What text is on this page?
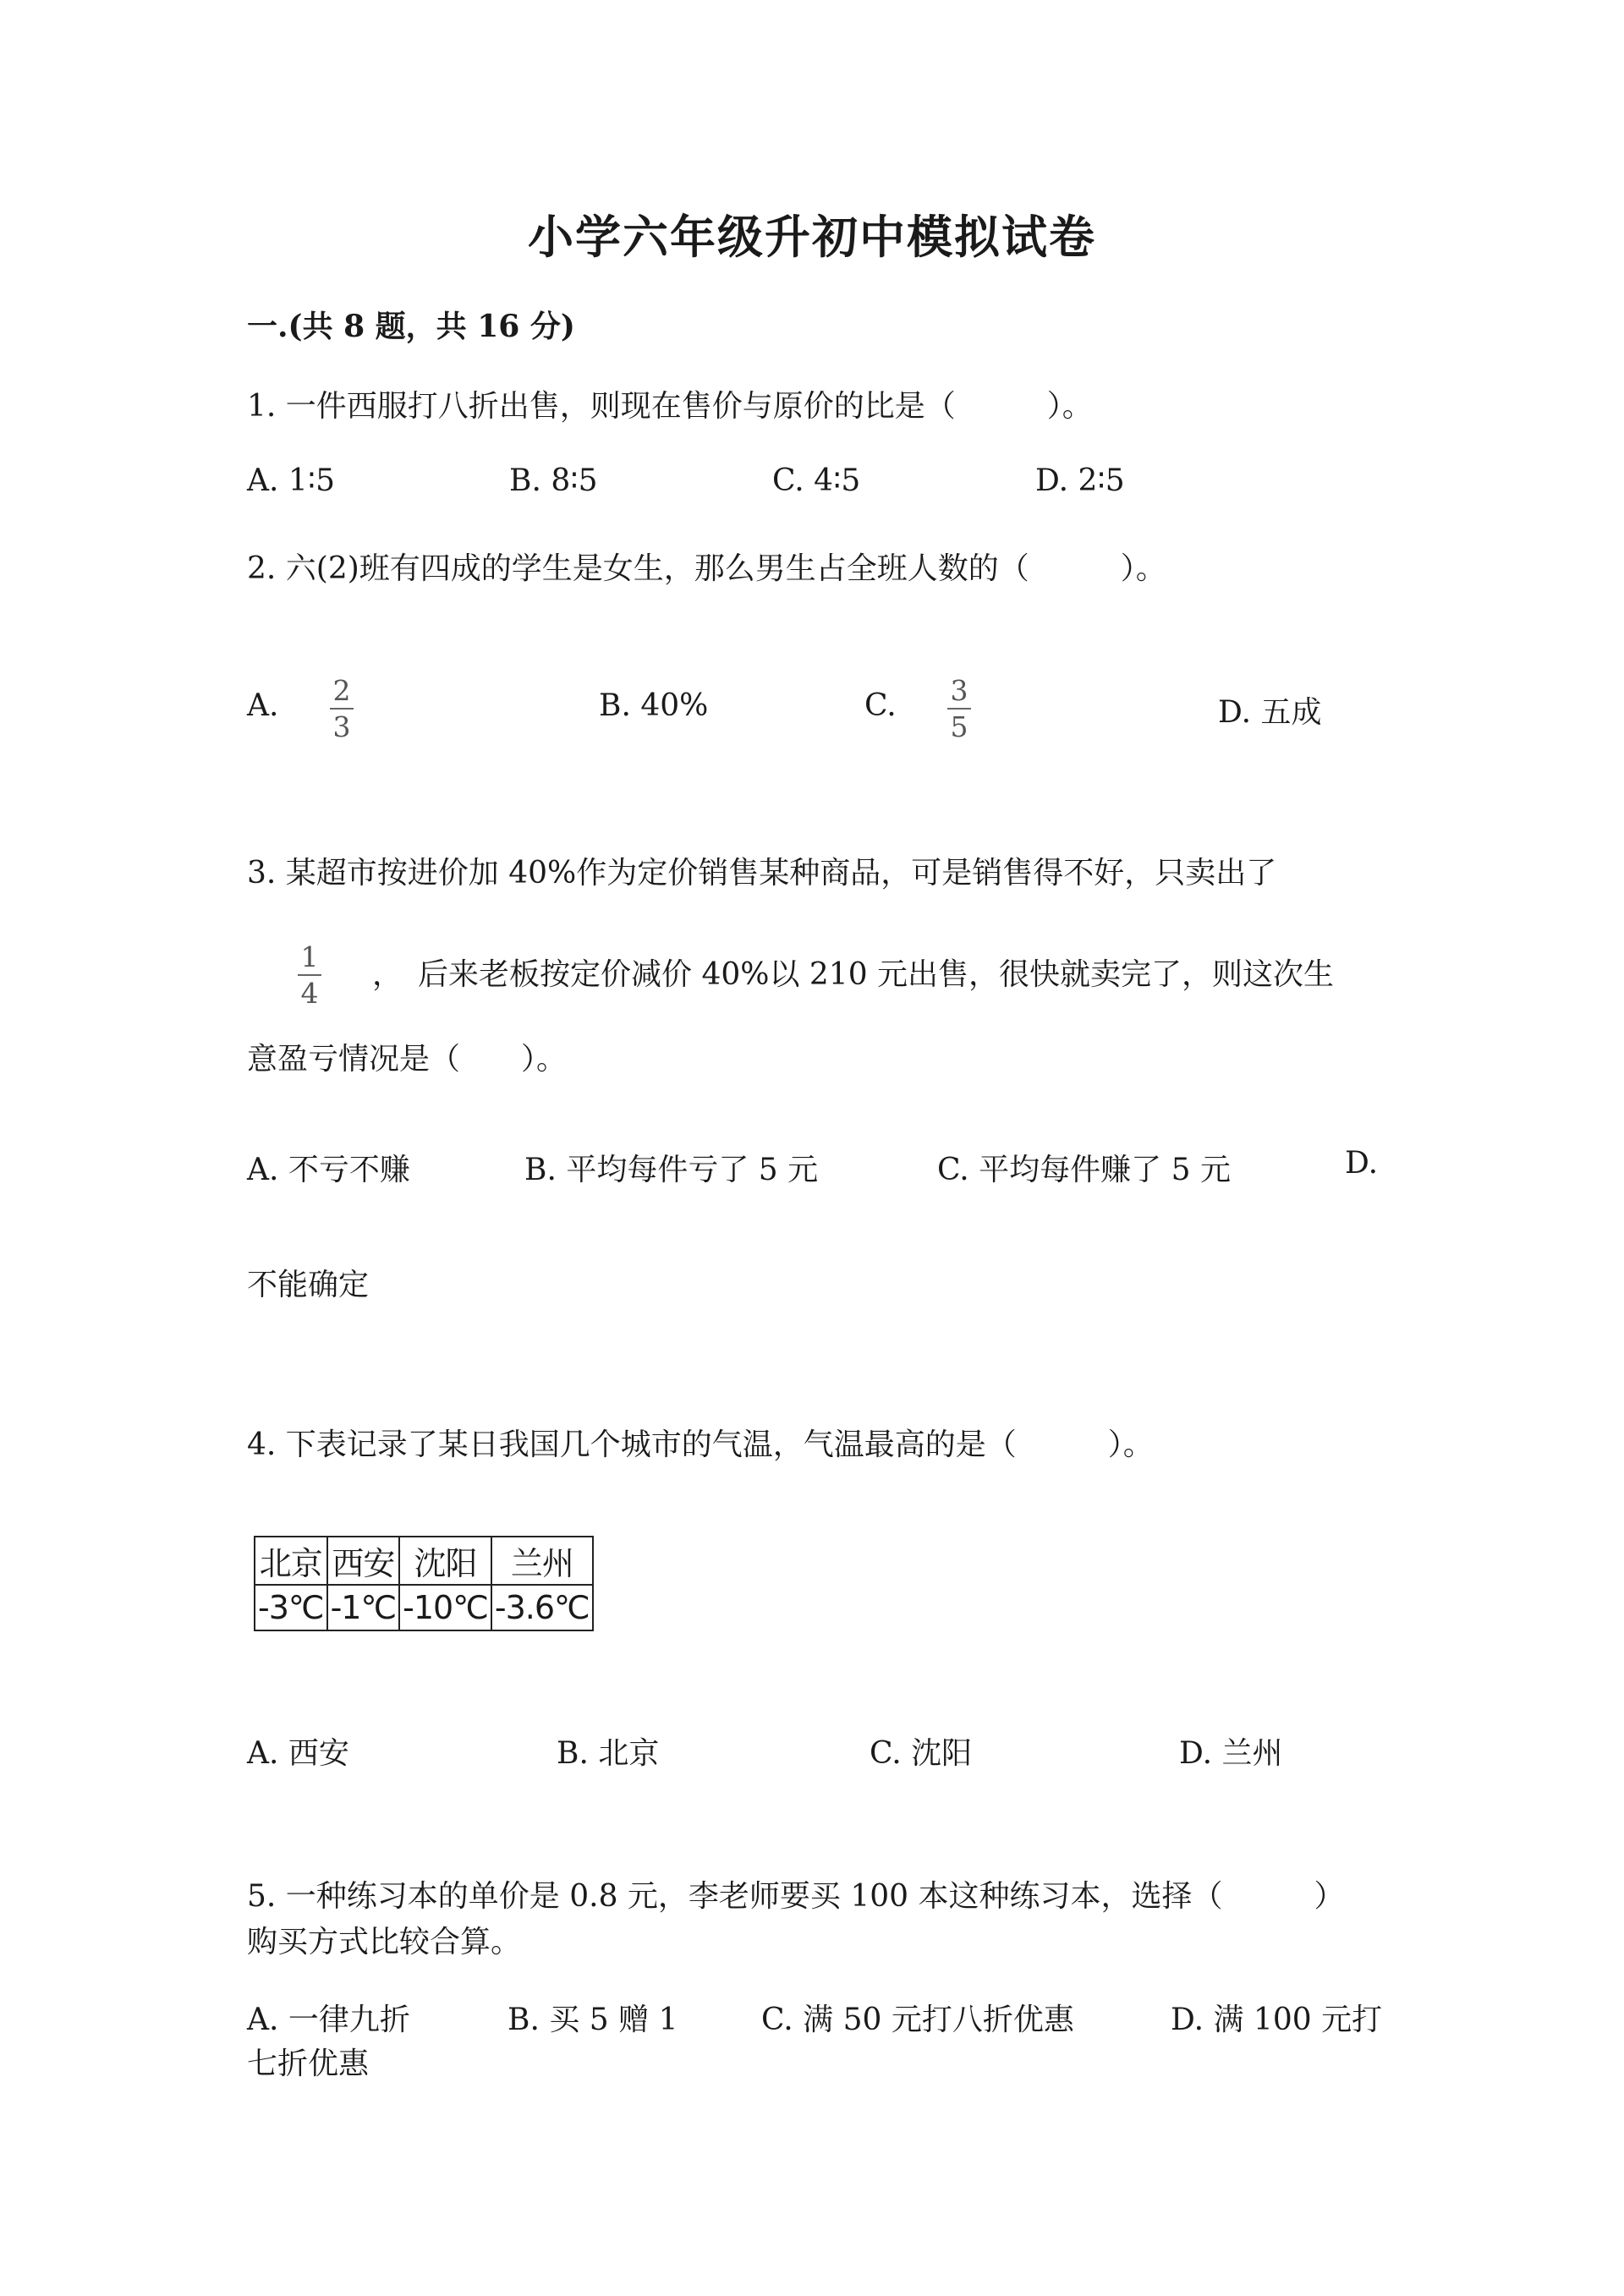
小学六年级升初中模拟试卷
一.(共 8 题，共 16 分)
1. 一件西服打八折出售，则现在售价与原价的比是（　　　）。
A. 1∶5	B. 8∶5	C. 4∶5	D. 2∶5
2. 六(2)班有四成的学生是女生，那么男生占全班人数的（　　　）。
A. 2
3
B. 40%	C. 3
5	D. 五成
3. 某超市按进价加 40%作为定价销售某种商品，可是销售得不好，只卖出了
1
4
，　后来老板按定价减价 40%以 210 元出售，很快就卖完了，则这次生
意盈亏情况是（　　）。
A. 不亏不赚	B. 平均每件亏了 5 元	C. 平均每件赚了 5 元	D.
不能确定
4. 下表记录了某日我国几个城市的气温，气温最高的是（　　　）。
北京	西安	沈阳	兰州
-3℃	-1℃	-10℃	-3.6℃
A. 西安	B. 北京	C. 沈阳	D. 兰州
5. 一种练习本的单价是 0.8 元，李老师要买 100 本这种练习本，选择（　　　）
购买方式比较合算。
A. 一律九折	B. 买 5 赠 1	C. 满 50 元打八折优惠	D. 满 100 元打
七折优惠
